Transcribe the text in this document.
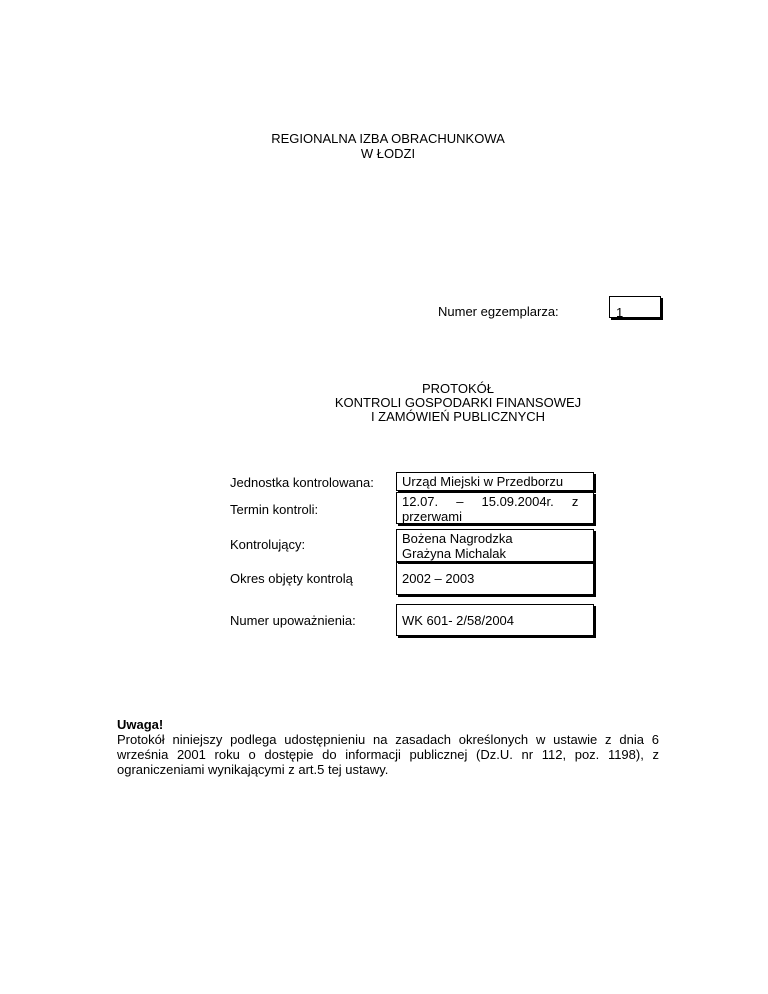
REGIONALNA IZBA OBRACHUNKOWA
W ŁODZI
Numer egzemplarza:	1
PROTOKÓŁ
KONTROLI GOSPODARKI FINANSOWEJ
I ZAMÓWIEŃ PUBLICZNYCH
Jednostka kontrolowana:	Urząd Miejski w Przedborzu
Termin kontroli:
12.07.     –     15.09.2004r.     z
przerwami
Kontrolujący:	Bożena Nagrodzka
Grażyna Michalak
Okres objęty kontrolą	2002 – 2003
Numer upoważnienia:	WK 601- 2/58/2004
Uwaga!
Protokół niniejszy podlega udostępnieniu na zasadach określonych w ustawie z dnia 6 września 2001 roku o dostępie do informacji publicznej (Dz.U. nr 112, poz. 1198), z ograniczeniami wynikającymi z art.5 tej ustawy.
